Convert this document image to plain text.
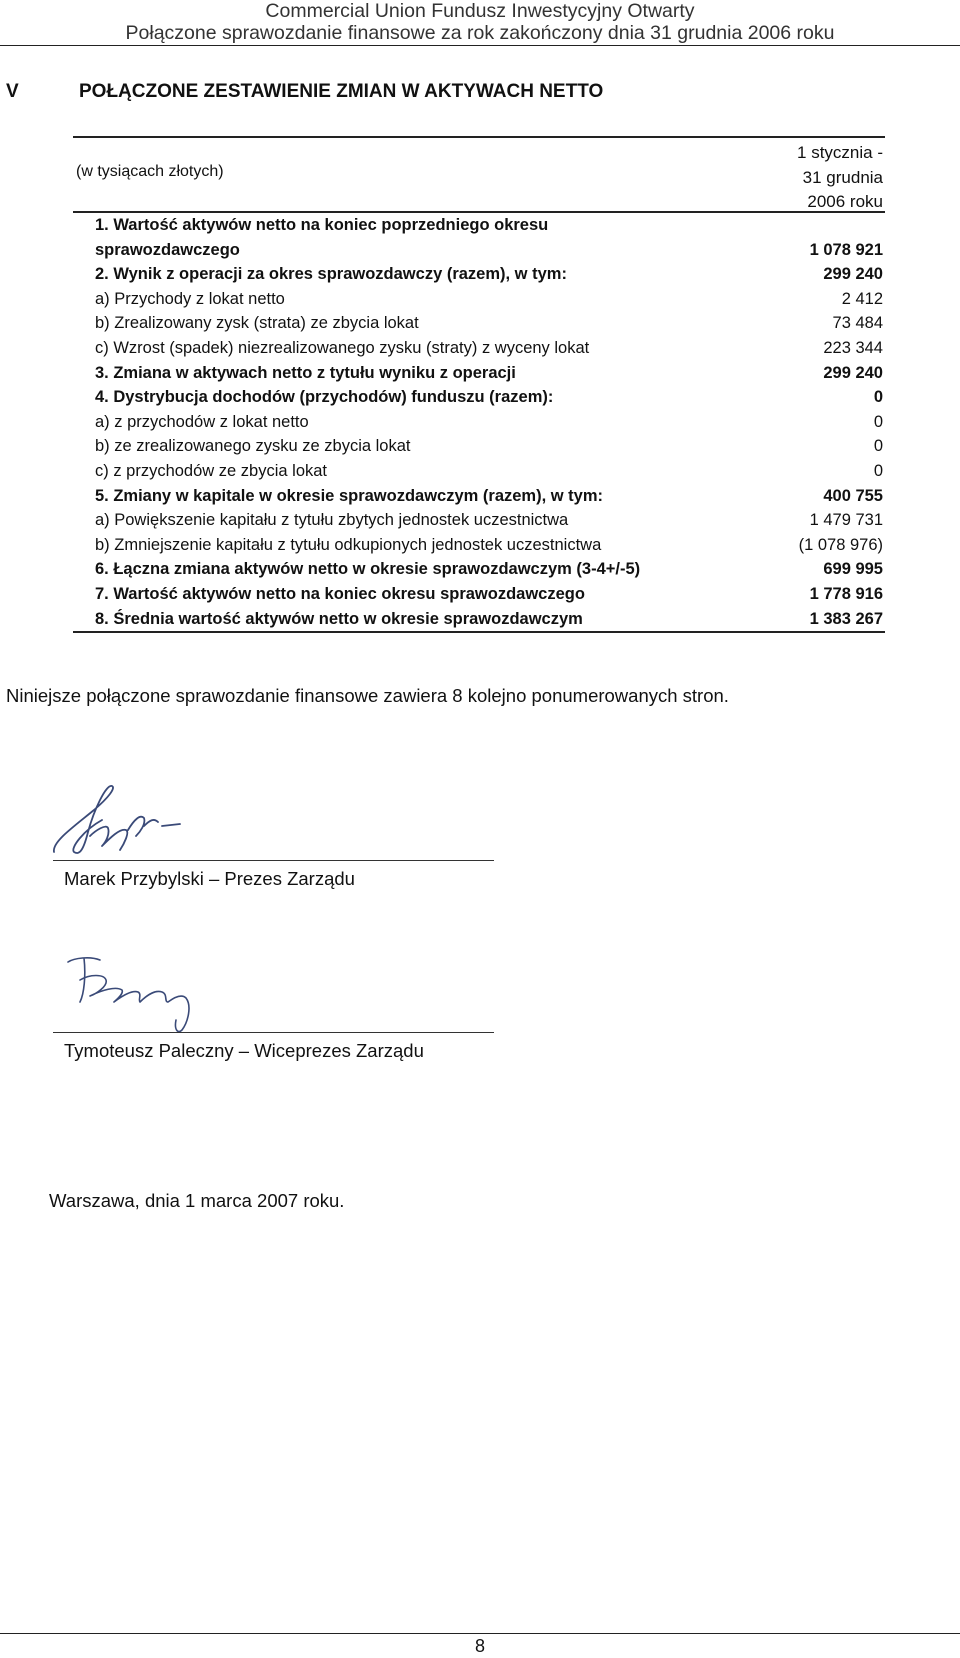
Commercial Union Fundusz Inwestycyjny Otwarty
Połączone sprawozdanie finansowe za rok zakończony dnia 31 grudnia 2006 roku
V	POŁĄCZONE ZESTAWIENIE ZMIAN W AKTYWACH NETTO
(w tysiącach złotych)
1 stycznia -
31 grudnia
2006 roku
1. Wartość aktywów netto na koniec poprzedniego okresu
sprawozdawczego	1 078 921
2. Wynik z operacji za okres sprawozdawczy (razem), w tym:	299 240
a) Przychody z lokat netto	2 412
b) Zrealizowany zysk (strata) ze zbycia lokat	73 484
c) Wzrost (spadek) niezrealizowanego zysku (straty) z wyceny lokat	223 344
3. Zmiana w aktywach netto z tytułu wyniku z operacji	299 240
4. Dystrybucja dochodów (przychodów) funduszu (razem):	0
a) z przychodów z lokat netto	0
b) ze zrealizowanego zysku ze zbycia lokat	0
c) z przychodów ze zbycia lokat	0
5. Zmiany w kapitale w okresie sprawozdawczym (razem), w tym:	400 755
a) Powiększenie kapitału z tytułu zbytych jednostek uczestnictwa	1 479 731
b) Zmniejszenie kapitału z tytułu odkupionych jednostek uczestnictwa	(1 078 976)
6. Łączna zmiana aktywów netto w okresie sprawozdawczym (3-4+/-5)	699 995
7. Wartość aktywów netto na koniec okresu sprawozdawczego	1 778 916
8. Średnia wartość aktywów netto w okresie sprawozdawczym	1 383 267
Niniejsze połączone sprawozdanie finansowe zawiera 8 kolejno ponumerowanych stron.
Marek Przybylski – Prezes Zarządu
Tymoteusz Paleczny – Wiceprezes Zarządu
Warszawa, dnia 1 marca 2007 roku.
8
